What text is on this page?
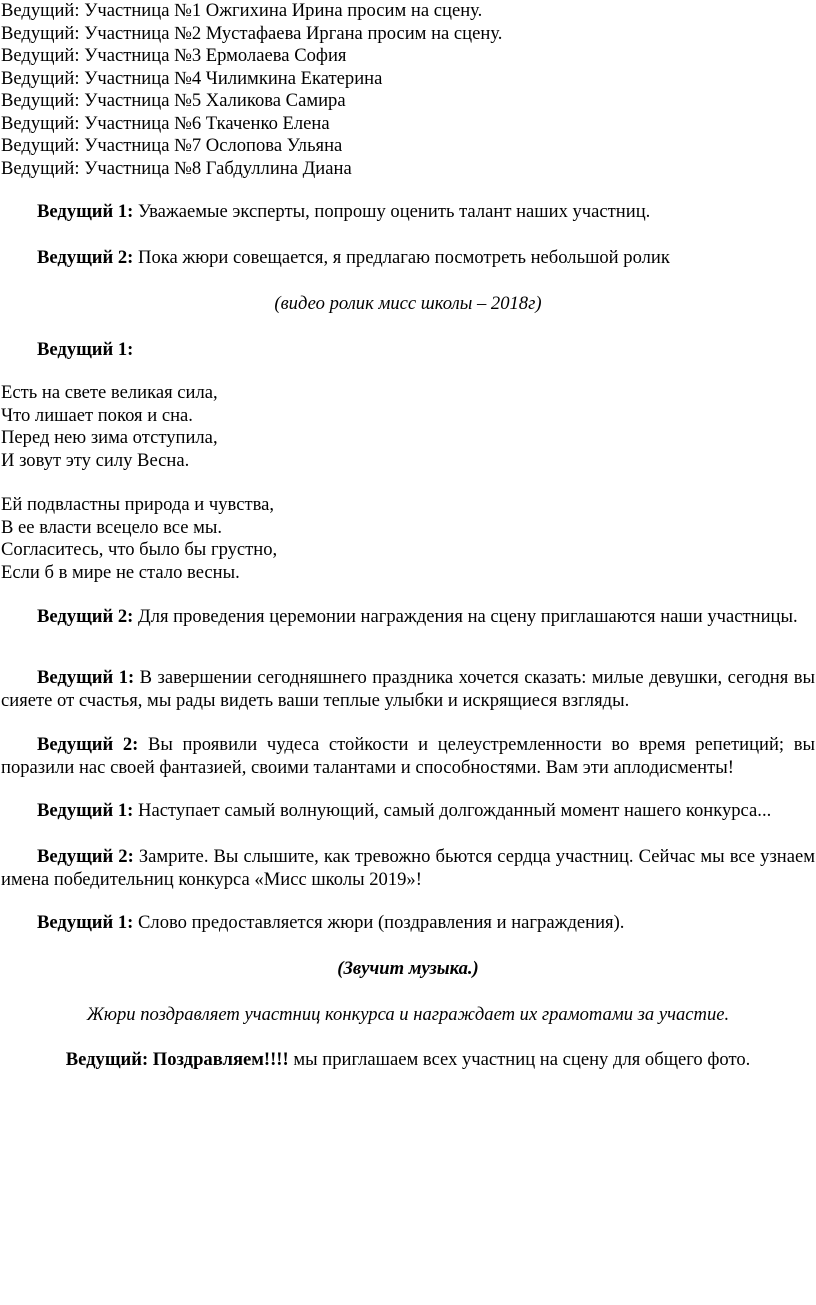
Ведущий: Участница №1 Ожгихина Ирина просим на сцену.
Ведущий: Участница №2 Мустафаева Иргана просим на сцену.
Ведущий: Участница №3 Ермолаева София
Ведущий: Участница №4 Чилимкина Екатерина
Ведущий: Участница №5 Халикова Самира
Ведущий: Участница №6 Ткаченко Елена
Ведущий: Участница №7 Ослопова Ульяна
Ведущий: Участница №8 Габдуллина Диана
Ведущий 1: Уважаемые эксперты, попрошу оценить талант наших участниц.
Ведущий 2: Пока жюри совещается, я предлагаю посмотреть небольшой ролик
(видео ролик мисс школы – 2018г)
Ведущий 1:
Есть на свете великая сила,
Что лишает покоя и сна.
Перед нею зима отступила,
И зовут эту силу Весна.
Ей подвластны природа и чувства,
В ее власти всецело все мы.
Согласитесь, что было бы грустно,
Если б в мире не стало весны.
Ведущий 2: Для проведения церемонии награждения на сцену приглашаются наши участницы.
Ведущий 1: В завершении сегодняшнего праздника хочется сказать: милые девушки, сегодня вы сияете от счастья, мы рады видеть ваши теплые улыбки и искрящиеся взгляды.
Ведущий 2: Вы проявили чудеса стойкости и целеустремленности во время репетиций; вы поразили нас своей фантазией, своими талантами и способностями. Вам эти аплодисменты!
Ведущий 1: Наступает самый волнующий, самый долгожданный момент нашего конкурса...
Ведущий 2: Замрите. Вы слышите, как тревожно бьются сердца участниц. Сейчас мы все узнаем имена победительниц конкурса «Мисс школы 2019»!
Ведущий 1: Слово предоставляется жюри (поздравления и награждения).
(Звучит музыка.)
Жюри поздравляет участниц конкурса и награждает их грамотами за участие.
Ведущий: Поздравляем!!!! мы приглашаем всех участниц на сцену для общего фото.
